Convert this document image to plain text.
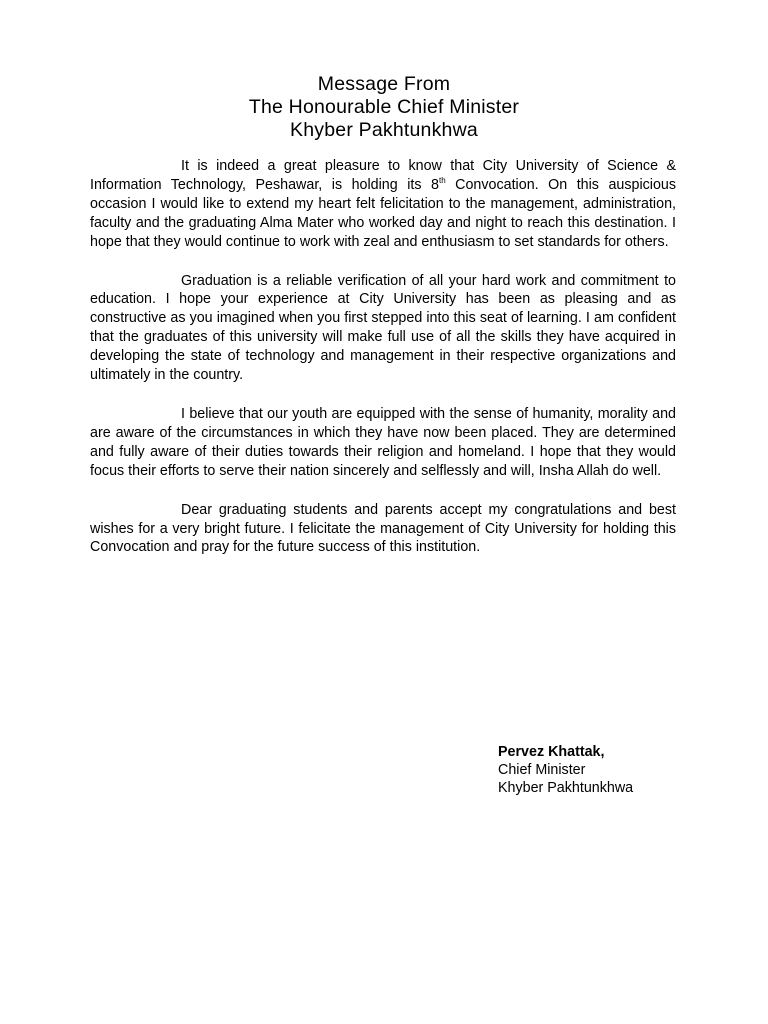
Message From
The Honourable Chief Minister
Khyber Pakhtunkhwa

It is indeed a great pleasure to know that City University of Science & Information Technology, Peshawar, is holding its 8th Convocation. On this auspicious occasion I would like to extend my heart felt felicitation to the management, administration, faculty and the graduating Alma Mater who worked day and night to reach this destination. I hope that they would continue to work with zeal and enthusiasm to set standards for others.

Graduation is a reliable verification of all your hard work and commitment to education. I hope your experience at City University has been as pleasing and as constructive as you imagined when you first stepped into this seat of learning. I am confident that the graduates of this university will make full use of all the skills they have acquired in developing the state of technology and management in their respective organizations and ultimately in the country.

I believe that our youth are equipped with the sense of humanity, morality and are aware of the circumstances in which they have now been placed. They are determined and fully aware of their duties towards their religion and homeland. I hope that they would focus their efforts to serve their nation sincerely and selflessly and will, Insha Allah do well.

Dear graduating students and parents accept my congratulations and best wishes for a very bright future. I felicitate the management of City University for holding this Convocation and pray for the future success of this institution.

Pervez Khattak,
Chief Minister
Khyber Pakhtunkhwa
